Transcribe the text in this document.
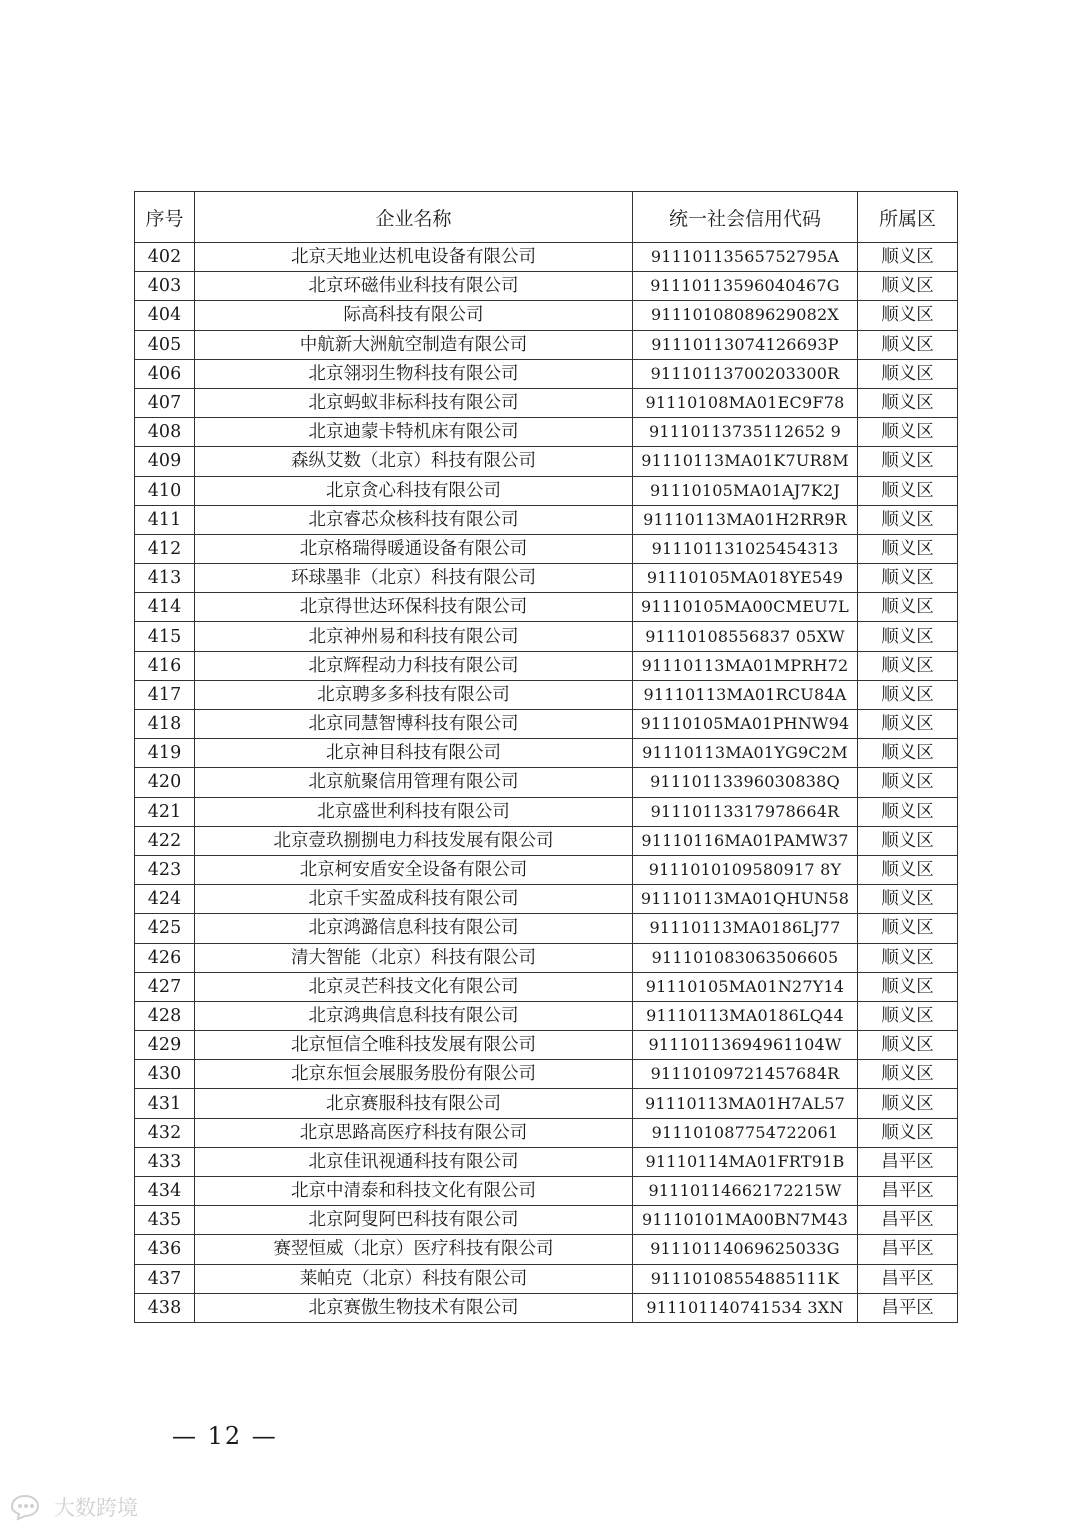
序号	企业名称	统一社会信用代码	所属区
402	北京天地业达机电设备有限公司	91110113565752795A	顺义区
403	北京环磁伟业科技有限公司	91110113596040467G	顺义区
404	际高科技有限公司	91110108089629082X	顺义区
405	中航新大洲航空制造有限公司	91110113074126693P	顺义区
406	北京翎羽生物科技有限公司	91110113700203300R	顺义区
407	北京蚂蚁非标科技有限公司	91110108MA01EC9F78	顺义区
408	北京迪蒙卡特机床有限公司	91110113735112652 9	顺义区
409	森纵艾数（北京）科技有限公司	91110113MA01K7UR8M	顺义区
410	北京贪心科技有限公司	91110105MA01AJ7K2J	顺义区
411	北京睿芯众核科技有限公司	91110113MA01H2RR9R	顺义区
412	北京格瑞得暖通设备有限公司	911101131025454313	顺义区
413	环球墨非（北京）科技有限公司	91110105MA018YE549	顺义区
414	北京得世达环保科技有限公司	91110105MA00CMEU7L	顺义区
415	北京神州易和科技有限公司	91110108556837 05XW	顺义区
416	北京辉程动力科技有限公司	91110113MA01MPRH72	顺义区
417	北京聘多多科技有限公司	91110113MA01RCU84A	顺义区
418	北京同慧智博科技有限公司	91110105MA01PHNW94	顺义区
419	北京神目科技有限公司	91110113MA01YG9C2M	顺义区
420	北京航聚信用管理有限公司	91110113396030838Q	顺义区
421	北京盛世利科技有限公司	91110113317978664R	顺义区
422	北京壹玖捌捌电力科技发展有限公司	91110116MA01PAMW37	顺义区
423	北京柯安盾安全设备有限公司	9111010109580917 8Y	顺义区
424	北京千实盈成科技有限公司	91110113MA01QHUN58	顺义区
425	北京鸿潞信息科技有限公司	91110113MA0186LJ77	顺义区
426	清大智能（北京）科技有限公司	911101083063506605	顺义区
427	北京灵芒科技文化有限公司	91110105MA01N27Y14	顺义区
428	北京鸿典信息科技有限公司	91110113MA0186LQ44	顺义区
429	北京恒信仝唯科技发展有限公司	91110113694961104W	顺义区
430	北京东恒会展服务股份有限公司	91110109721457684R	顺义区
431	北京赛服科技有限公司	91110113MA01H7AL57	顺义区
432	北京思路高医疗科技有限公司	911101087754722061	顺义区
433	北京佳讯视通科技有限公司	91110114MA01FRT91B	昌平区
434	北京中清泰和科技文化有限公司	91110114662172215W	昌平区
435	北京阿叟阿巴科技有限公司	91110101MA00BN7M43	昌平区
436	赛翌恒威（北京）医疗科技有限公司	91110114069625033G	昌平区
437	莱帕克（北京）科技有限公司	91110108554885111K	昌平区
438	北京赛傲生物技术有限公司	911101140741534 3XN	昌平区
— 12 —
大数跨境
